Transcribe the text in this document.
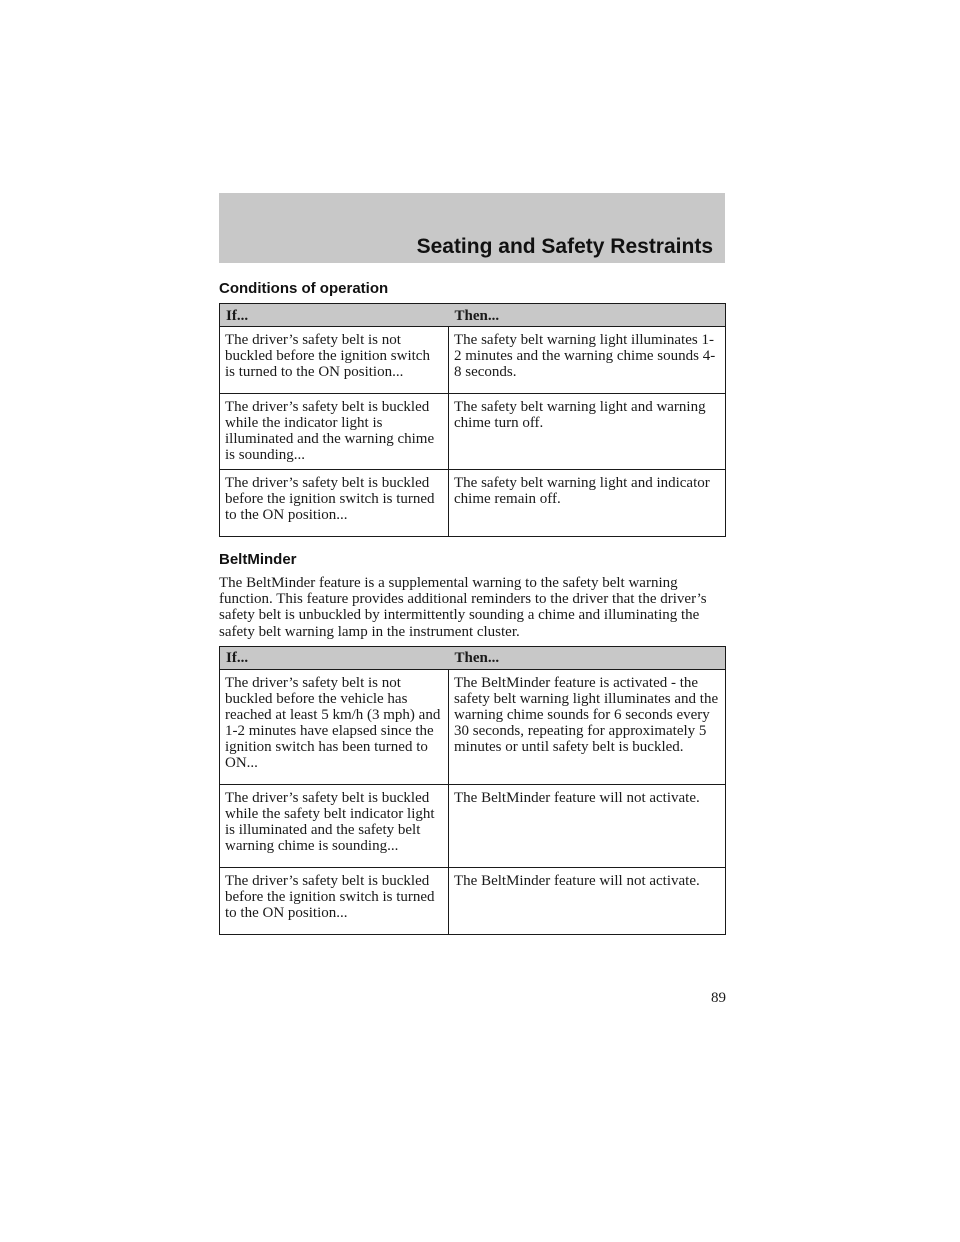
Seating and Safety Restraints
Conditions of operation
If...	Then...
The driver’s safety belt is not buckled before the ignition switch is turned to the ON position...	The safety belt warning light illuminates 1-2 minutes and the warning chime sounds 4-8 seconds.
The driver’s safety belt is buckled while the indicator light is illuminated and the warning chime is sounding...	The safety belt warning light and warning chime turn off.
The driver’s safety belt is buckled before the ignition switch is turned to the ON position...	The safety belt warning light and indicator chime remain off.
BeltMinder

The BeltMinder feature is a supplemental warning to the safety belt warning function. This feature provides additional reminders to the driver that the driver’s safety belt is unbuckled by intermittently sounding a chime and illuminating the safety belt warning lamp in the instrument cluster.

If...	Then...
The driver’s safety belt is not buckled before the vehicle has reached at least 5 km/h (3 mph) and 1-2 minutes have elapsed since the ignition switch has been turned to ON...	The BeltMinder feature is activated - the safety belt warning light illuminates and the warning chime sounds for 6 seconds every 30 seconds, repeating for approximately 5 minutes or until safety belt is buckled.
The driver’s safety belt is buckled while the safety belt indicator light is illuminated and the safety belt warning chime is sounding...	The BeltMinder feature will not activate.
The driver’s safety belt is buckled before the ignition switch is turned to the ON position...	The BeltMinder feature will not activate.
89
